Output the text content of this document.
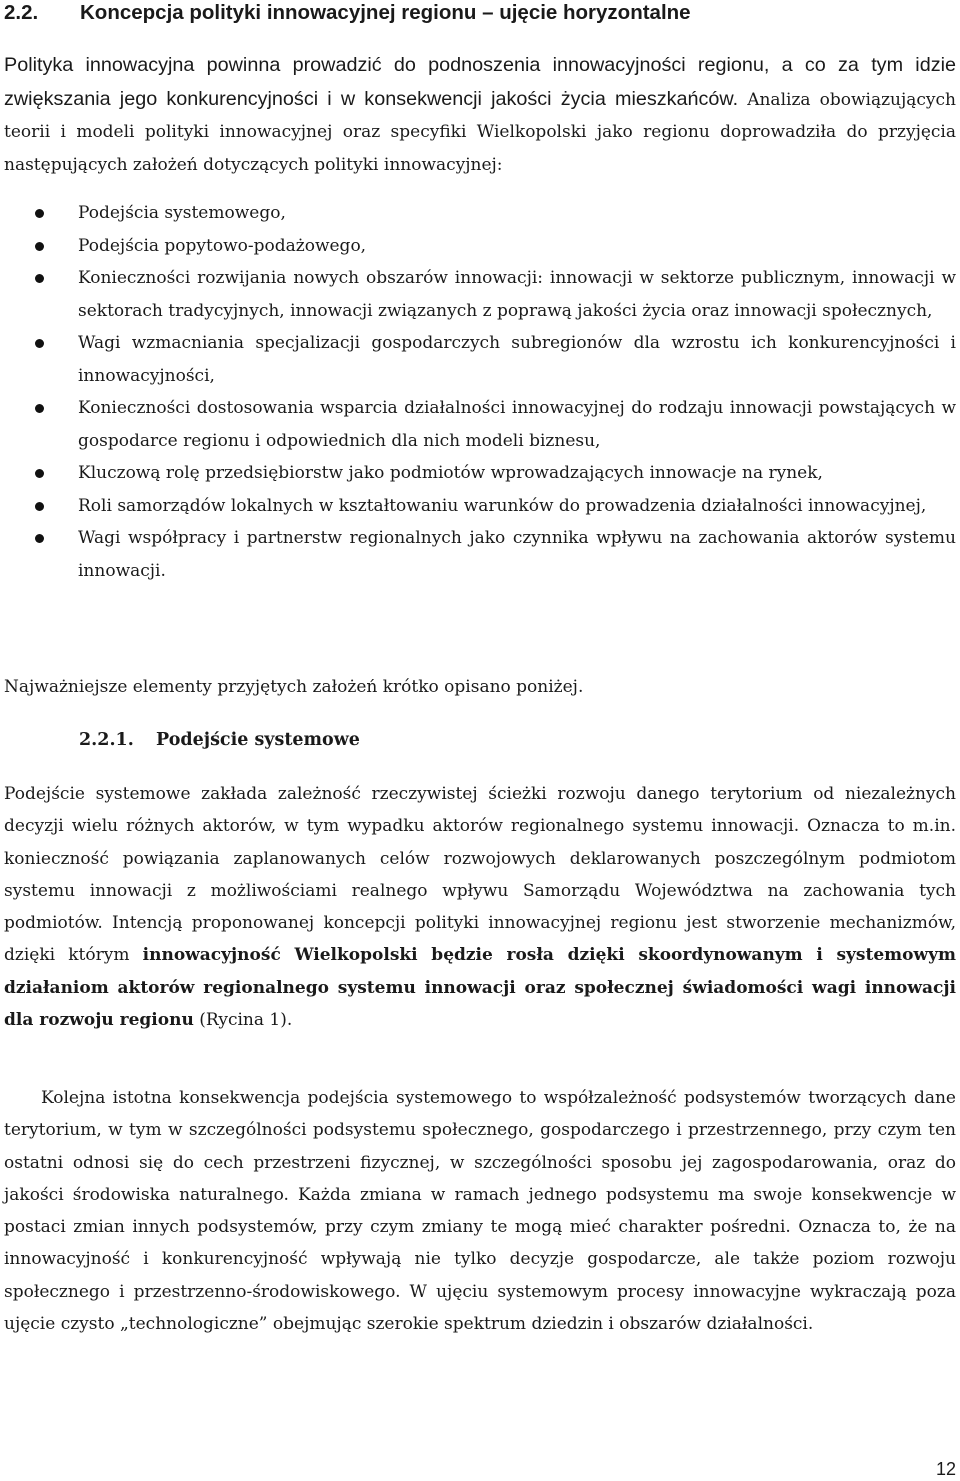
2.2. Koncepcja polityki innowacyjnej regionu – ujęcie horyzontalne
Polityka innowacyjna powinna prowadzić do podnoszenia innowacyjności regionu, a co za tym idzie zwiększania jego konkurencyjności i w konsekwencji jakości życia mieszkańców. Analiza obowiązujących teorii i modeli polityki innowacyjnej oraz specyfiki Wielkopolski jako regionu doprowadziła do przyjęcia następujących założeń dotyczących polityki innowacyjnej:
Podejścia systemowego,
Podejścia popytowo-podażowego,
Konieczności rozwijania nowych obszarów innowacji: innowacji w sektorze publicznym, innowacji w sektorach tradycyjnych, innowacji związanych z poprawą jakości życia oraz innowacji społecznych,
Wagi wzmacniania specjalizacji gospodarczych subregionów dla wzrostu ich konkurencyjności i innowacyjności,
Konieczności dostosowania wsparcia działalności innowacyjnej do rodzaju innowacji powstających w gospodarce regionu i odpowiednich dla nich modeli biznesu,
Kluczową rolę przedsiębiorstw jako podmiotów wprowadzających innowacje na rynek,
Roli samorządów lokalnych w kształtowaniu warunków do prowadzenia działalności innowacyjnej,
Wagi współpracy i partnerstw regionalnych jako czynnika wpływu na zachowania aktorów systemu innowacji.
Najważniejsze elementy przyjętych założeń krótko opisano poniżej.
2.2.1. Podejście systemowe
Podejście systemowe zakłada zależność rzeczywistej ścieżki rozwoju danego terytorium od niezależnych decyzji wielu różnych aktorów, w tym wypadku aktorów regionalnego systemu innowacji. Oznacza to m.in. konieczność powiązania zaplanowanych celów rozwojowych deklarowanych poszczególnym podmiotom systemu innowacji z możliwościami realnego wpływu Samorządu Województwa na zachowania tych podmiotów. Intencją proponowanej koncepcji polityki innowacyjnej regionu jest stworzenie mechanizmów, dzięki którym innowacyjność Wielkopolski będzie rosła dzięki skoordynowanym i systemowym działaniom aktorów regionalnego systemu innowacji oraz społecznej świadomości wagi innowacji dla rozwoju regionu (Rycina 1).
Kolejna istotna konsekwencja podejścia systemowego to współzależność podsystemów tworzących dane terytorium, w tym w szczególności podsystemu społecznego, gospodarczego i przestrzennego, przy czym ten ostatni odnosi się do cech przestrzeni fizycznej, w szczególności sposobu jej zagospodarowania, oraz do jakości środowiska naturalnego. Każda zmiana w ramach jednego podsystemu ma swoje konsekwencje w postaci zmian innych podsystemów, przy czym zmiany te mogą mieć charakter pośredni. Oznacza to, że na innowacyjność i konkurencyjność wpływają nie tylko decyzje gospodarcze, ale także poziom rozwoju społecznego i przestrzenno-środowiskowego. W ujęciu systemowym procesy innowacyjne wykraczają poza ujęcie czysto „technologiczne” obejmując szerokie spektrum dziedzin i obszarów działalności.
12
